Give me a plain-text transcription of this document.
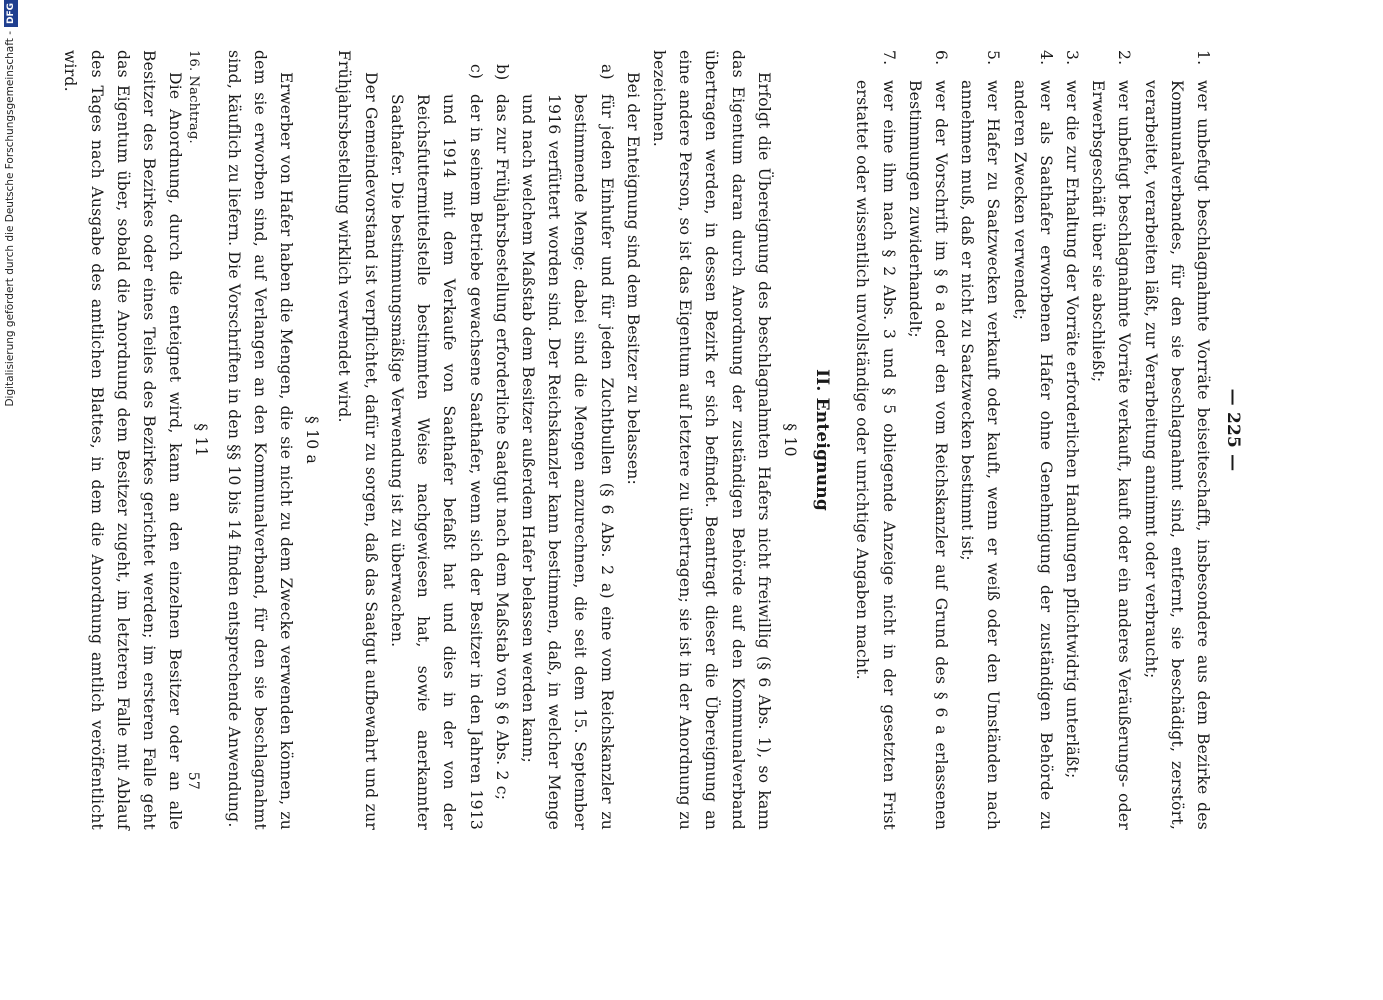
— 225 —
1.
wer unbefugt beschlagnahmte Vorräte beiseiteschafft, insbesondere aus dem Bezirke des Kommunalverbandes, für den sie beschlagnahmt sind, entfernt, sie beschädigt, zerstört, verarbeitet, verarbeiten läßt, zur Verarbeitung annimmt oder verbraucht;
2.
wer unbefugt beschlagnahmte Vorräte verkauft, kauft oder ein anderes Veräußerungs- oder Erwerbsgeschäft über sie abschließt;
3.
wer die zur Erhaltung der Vorräte erforderlichen Handlungen pflichtwidrig unterläßt;
4.
wer als Saathafer erworbenen Hafer ohne Genehmigung der zuständigen Behörde zu anderen Zwecken verwendet;
5.
wer Hafer zu Saatzwecken verkauft oder kauft, wenn er weiß oder den Umständen nach annehmen muß, daß er nicht zu Saatzwecken bestimmt ist;
6.
wer der Vorschrift im § 6 a oder den vom Reichskanzler auf Grund des § 6 a erlassenen Bestimmungen zuwiderhandelt;
7.
wer eine ihm nach § 2 Abs. 3 und § 5 obliegende Anzeige nicht in der gesetzten Frist erstattet oder wissentlich unvollständige oder unrichtige Angaben macht.
II. Enteignung
§ 10

Erfolgt die Übereignung des beschlagnahmten Hafers nicht freiwillig (§ 6 Abs. 1), so kann das Eigentum daran durch Anordnung der zuständigen Behörde auf den Kommunalverband übertragen werden, in dessen Bezirk er sich befindet. Beantragt dieser die Übereignung an eine andere Person, so ist das Eigentum auf letztere zu übertragen; sie ist in der Anordnung zu bezeichnen.

Bei der Enteignung sind dem Besitzer zu belassen:

a)
für jeden Einhufer und für jeden Zuchtbullen (§ 6 Abs. 2 a) eine vom Reichskanzler zu bestimmende Menge; dabei sind die Mengen anzurechnen, die seit dem 15. September 1916 verfüttert worden sind. Der Reichskanzler kann bestimmen, daß, in welcher Menge und nach welchem Maßstab dem Besitzer außerdem Hafer belassen werden kann;
b)
das zur Frühjahrsbestellung erforderliche Saatgut nach dem Maßstab von § 6 Abs. 2 c;
c)
der in seinem Betriebe gewachsene Saathafer, wenn sich der Besitzer in den Jahren 1913 und 1914 mit dem Verkaufe von Saathafer befaßt hat und dies in der von der Reichsfuttermittelstelle bestimmten Weise nachgewiesen hat, sowie anerkannter Saathafer. Die bestimmungsmäßige Verwendung ist zu überwachen.

Der Gemeindevorstand ist verpflichtet, dafür zu sorgen, daß das Saatgut aufbewahrt und zur Frühjahrsbestellung wirklich verwendet wird.

§ 10 a

Erwerber von Hafer haben die Mengen, die sie nicht zu dem Zwecke verwenden können, zu dem sie erworben sind, auf Verlangen an den Kommunalverband, für den sie beschlagnahmt sind, käuflich zu liefern. Die Vorschriften in den §§ 10 bis 14 finden entsprechende Anwendung.

§ 11

Die Anordnung, durch die enteignet wird, kann an den einzelnen Besitzer oder an alle Besitzer des Bezirkes oder eines Teiles des Bezirkes gerichtet werden; im ersteren Falle geht das Eigentum über, sobald die Anordnung dem Besitzer zugeht, im letzteren Falle mit Ablauf des Tages nach Ausgabe des amtlichen Blattes, in dem die Anordnung amtlich veröffentlicht wird.	16. Nachtrag.
57
Digitalisierung gefördert durch die Deutsche Forschungsgemeinschaft -DFG
